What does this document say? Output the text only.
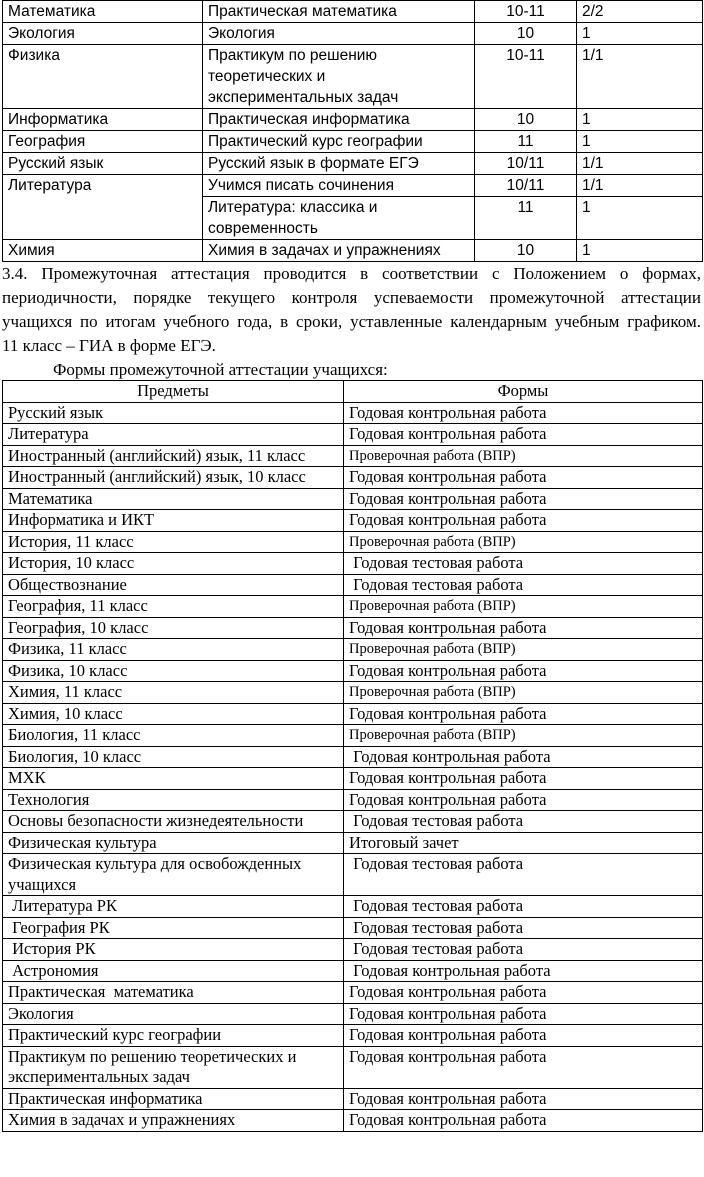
Математика	Практическая математика	10-11	2/2
Экология	Экология	10	1
Физика	Практикум по решению теоретических и экспериментальных задач	10-11	1/1
Информатика	Практическая информатика	10	1
География	Практический курс географии	11	1
Русский язык	Русский язык в формате ЕГЭ	10/11	1/1
Литература	Учимся писать сочинения	10/11	1/1
	Литература: классика и современность	11	1
Химия	Химия в задачах и упражнениях	10	1

3.4. Промежуточная аттестация проводится в соответствии с Положением о формах,
периодичности, порядке текущего контроля успеваемости промежуточной аттестации
учащихся по итогам учебного года, в сроки, уставленные календарным учебным графиком.
11 класс – ГИА в форме ЕГЭ.

Формы промежуточной аттестации учащихся:

Предметы	Формы
Русский язык	Годовая контрольная работа
Литература	Годовая контрольная работа
Иностранный (английский) язык, 11 класс	Проверочная работа (ВПР)
Иностранный (английский) язык, 10 класс	Годовая контрольная работа
Математика	Годовая контрольная работа
Информатика и ИКТ	Годовая контрольная работа
История, 11 класс	Проверочная работа (ВПР)
История, 10 класс	Годовая тестовая работа
Обществознание	Годовая тестовая работа
География, 11 класс	Проверочная работа (ВПР)
География, 10 класс	Годовая контрольная работа
Физика, 11 класс	Проверочная работа (ВПР)
Физика, 10 класс	Годовая контрольная работа
Химия, 11 класс	Проверочная работа (ВПР)
Химия, 10 класс	Годовая контрольная работа
Биология, 11 класс	Проверочная работа (ВПР)
Биология, 10 класс	Годовая контрольная работа
МХК	Годовая контрольная работа
Технология	Годовая контрольная работа
Основы безопасности жизнедеятельности	Годовая тестовая работа
Физическая культура	Итоговый зачет
Физическая культура для освобожденных учащихся	Годовая тестовая работа
Литература РК	Годовая тестовая работа
География РК	Годовая тестовая работа
История РК	Годовая тестовая работа
Астрономия	Годовая контрольная работа
Практическая  математика	Годовая контрольная работа
Экология	Годовая контрольная работа
Практический курс географии	Годовая контрольная работа
Практикум по решению теоретических и экспериментальных задач	Годовая контрольная работа
Практическая информатика	Годовая контрольная работа
Химия в задачах и упражнениях	Годовая контрольная работа
